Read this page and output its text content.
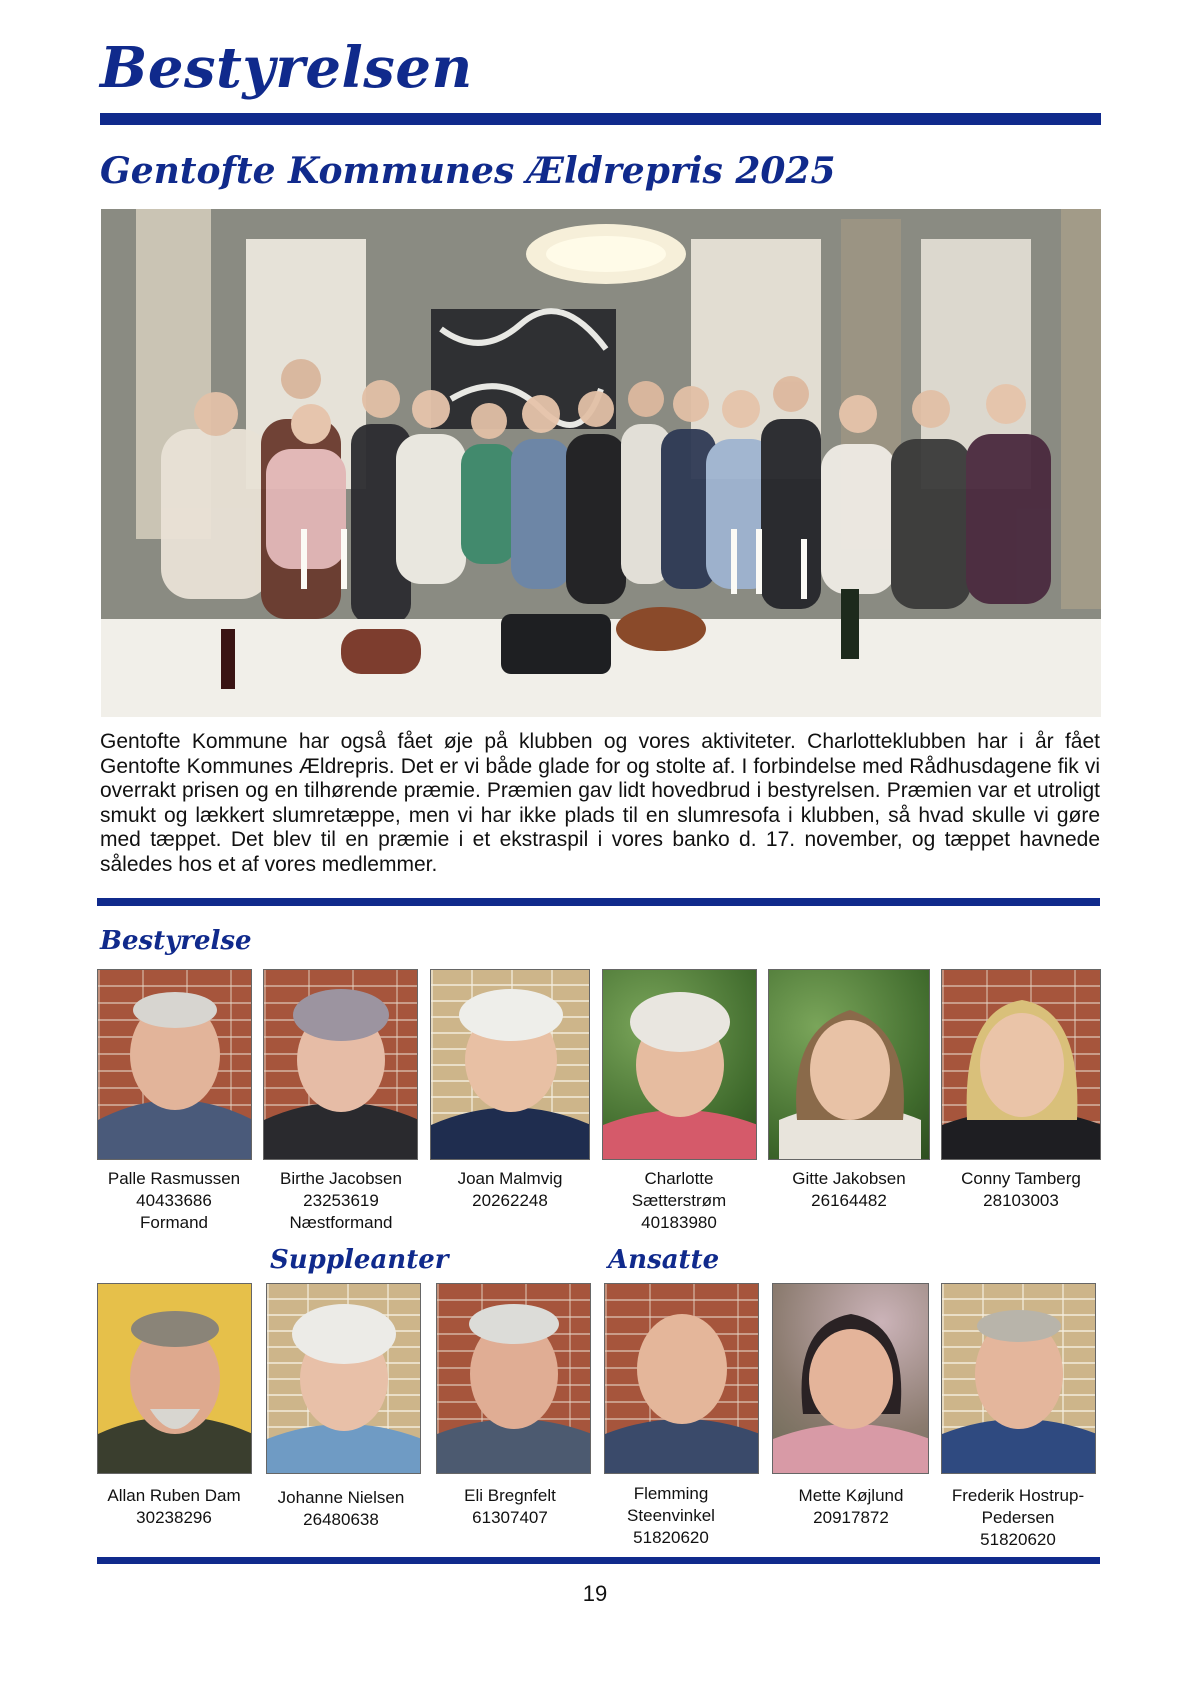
Bestyrelsen
Gentofte Kommunes Ældrepris 2025
Gentofte Kommune har også fået øje på klubben og vores aktiviteter. Charlotteklubben har i år fået Gentofte Kommunes Ældrepris. Det er vi både glade for og stolte af. I forbindelse med Rådhusdagene fik vi overrakt prisen og en tilhørende præmie. Præmien gav lidt hovedbrud i bestyrelsen. Præmien var et utroligt smukt og lækkert slumretæppe, men vi har ikke plads til en slumresofa i klubben, så hvad skulle vi gøre med tæppet. Det blev til en præmie i et ekstraspil i vores banko d. 17. november, og tæppet havnede således hos et af vores medlemmer.
Bestyrelse
Palle Rasmussen
40433686
Formand
Birthe Jacobsen
23253619
Næstformand
Joan Malmvig
20262248
Charlotte Sætterstrøm
40183980
Gitte Jakobsen
26164482
Conny Tamberg
28103003
Suppleanter	Ansatte
Allan Ruben Dam
30238296
Johanne Nielsen
26480638
Eli Bregnfelt
61307407
Flemming Steenvinkel
51820620
Mette Køjlund
20917872
Frederik Hostrup-Pedersen
51820620
19
